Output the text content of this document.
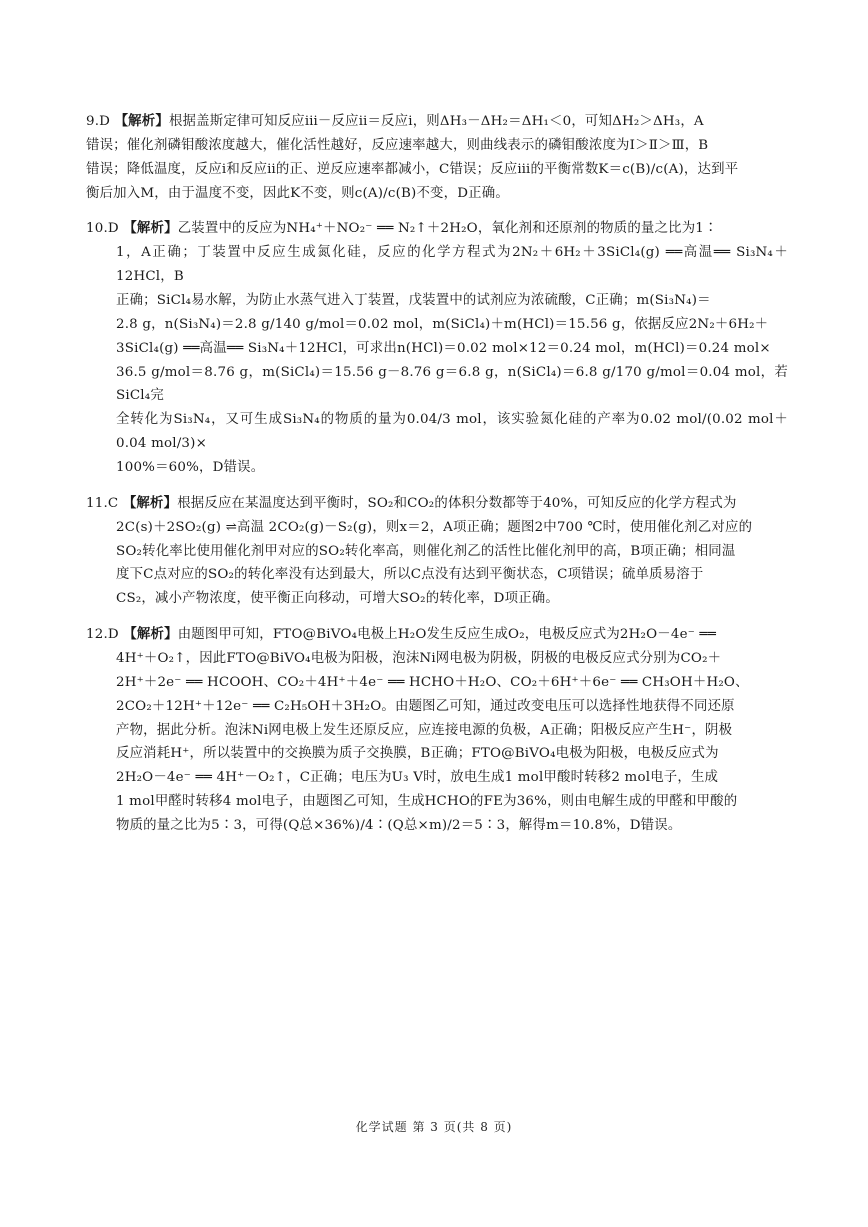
9.D 【解析】根据盖斯定律可知反应ⅲ－反应ⅱ＝反应ⅰ，则ΔH₃－ΔH₂＝ΔH₁＜0，可知ΔH₂＞ΔH₃，A
错误；催化剂磷钼酸浓度越大，催化活性越好，反应速率越大，则曲线表示的磷钼酸浓度为Ⅰ＞Ⅱ＞Ⅲ，B
错误；降低温度，反应ⅰ和反应ⅱ的正、逆反应速率都减小，C错误；反应ⅲ的平衡常数K＝c(B)/c(A)，达到平
衡后加入M，由于温度不变，因此K不变，则c(A)/c(B)不变，D正确。
10.D 【解析】乙装置中的反应为NH₄⁺＋NO₂⁻ ══ N₂↑＋2H₂O，氧化剂和还原剂的物质的量之比为1∶

1，A正确；丁装置中反应生成氮化硅，反应的化学方程式为2N₂＋6H₂＋3SiCl₄(g) ══高温══ Si₃N₄＋12HCl，B
正确；SiCl₄易水解，为防止水蒸气进入丁装置，戊装置中的试剂应为浓硫酸，C正确；m(Si₃N₄)＝
2.8 g，n(Si₃N₄)＝2.8 g/140 g/mol＝0.02 mol，m(SiCl₄)＋m(HCl)＝15.56 g，依据反应2N₂＋6H₂＋
3SiCl₄(g) ══高温══ Si₃N₄＋12HCl，可求出n(HCl)＝0.02 mol×12＝0.24 mol，m(HCl)＝0.24 mol×
36.5 g/mol＝8.76 g，m(SiCl₄)＝15.56 g－8.76 g＝6.8 g，n(SiCl₄)＝6.8 g/170 g/mol＝0.04 mol，若SiCl₄完
全转化为Si₃N₄，又可生成Si₃N₄的物质的量为0.04/3 mol，该实验氮化硅的产率为0.02 mol/(0.02 mol＋0.04 mol/3)×
100%＝60%，D错误。
11.C 【解析】根据反应在某温度达到平衡时，SO₂和CO₂的体积分数都等于40%，可知反应的化学方程式为

2C(s)＋2SO₂(g) ⇌高温 2CO₂(g)－S₂(g)，则x＝2，A项正确；题图2中700 ℃时，使用催化剂乙对应的
SO₂转化率比使用催化剂甲对应的SO₂转化率高，则催化剂乙的活性比催化剂甲的高，B项正确；相同温
度下C点对应的SO₂的转化率没有达到最大，所以C点没有达到平衡状态，C项错误；硫单质易溶于
CS₂，减小产物浓度，使平衡正向移动，可增大SO₂的转化率，D项正确。
12.D 【解析】由题图甲可知，FTO@BiVO₄电极上H₂O发生反应生成O₂，电极反应式为2H₂O－4e⁻ ══

4H⁺＋O₂↑，因此FTO@BiVO₄电极为阳极，泡沫Ni网电极为阴极，阴极的电极反应式分别为CO₂＋
2H⁺＋2e⁻ ══ HCOOH、CO₂＋4H⁺＋4e⁻ ══ HCHO＋H₂O、CO₂＋6H⁺＋6e⁻ ══ CH₃OH＋H₂O、
2CO₂＋12H⁺＋12e⁻ ══ C₂H₅OH＋3H₂O。由题图乙可知，通过改变电压可以选择性地获得不同还原
产物，据此分析。泡沫Ni网电极上发生还原反应，应连接电源的负极，A正确；阳极反应产生H⁻，阴极
反应消耗H⁺，所以装置中的交换膜为质子交换膜，B正确；FTO@BiVO₄电极为阳极，电极反应式为
2H₂O－4e⁻ ══ 4H⁺－O₂↑，C正确；电压为U₃ V时，放电生成1 mol甲酸时转移2 mol电子，生成
1 mol甲醛时转移4 mol电子，由题图乙可知，生成HCHO的FE为36%，则由电解生成的甲醛和甲酸的
物质的量之比为5∶3，可得(Q总×36%)/4∶(Q总×m)/2＝5∶3，解得m＝10.8%，D错误。
化学试题 第 3 页(共 8 页)
